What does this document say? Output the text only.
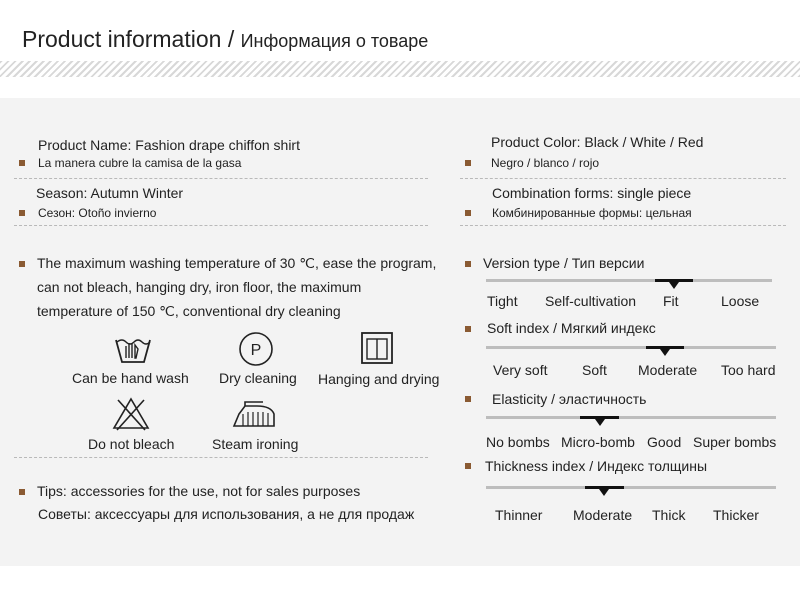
Product information / Информация о товаре
Product Name: Fashion drape chiffon shirt
La manera cubre la camisa de la gasa
Season: Autumn Winter
Сезон: Otoño invierno
The maximum washing temperature of 30 ℃, ease the program,
can not bleach, hanging dry, iron floor, the maximum
temperature of 150 ℃, conventional dry cleaning
Can be hand wash
P
Dry cleaning Hanging and drying
Do not bleach	Steam ironing
Tips: accessories for the use, not for sales purposes
Советы: аксессуары для использования, а не для продаж
Product Color: Black / White / Red
Negro / blanco / rojo
Combination forms: single piece
Комбинированные формы: цельная
Version type / Тип версии
Tight Self-cultivation Fit	Loose
Soft index / Мягкий индекс
Very soft Soft Moderate Too hard
Elasticity / эластичность
No bombs Micro-bomb Good Super bombs
Thickness index / Индекс толщины
Thinner Moderate Thick Thicker
